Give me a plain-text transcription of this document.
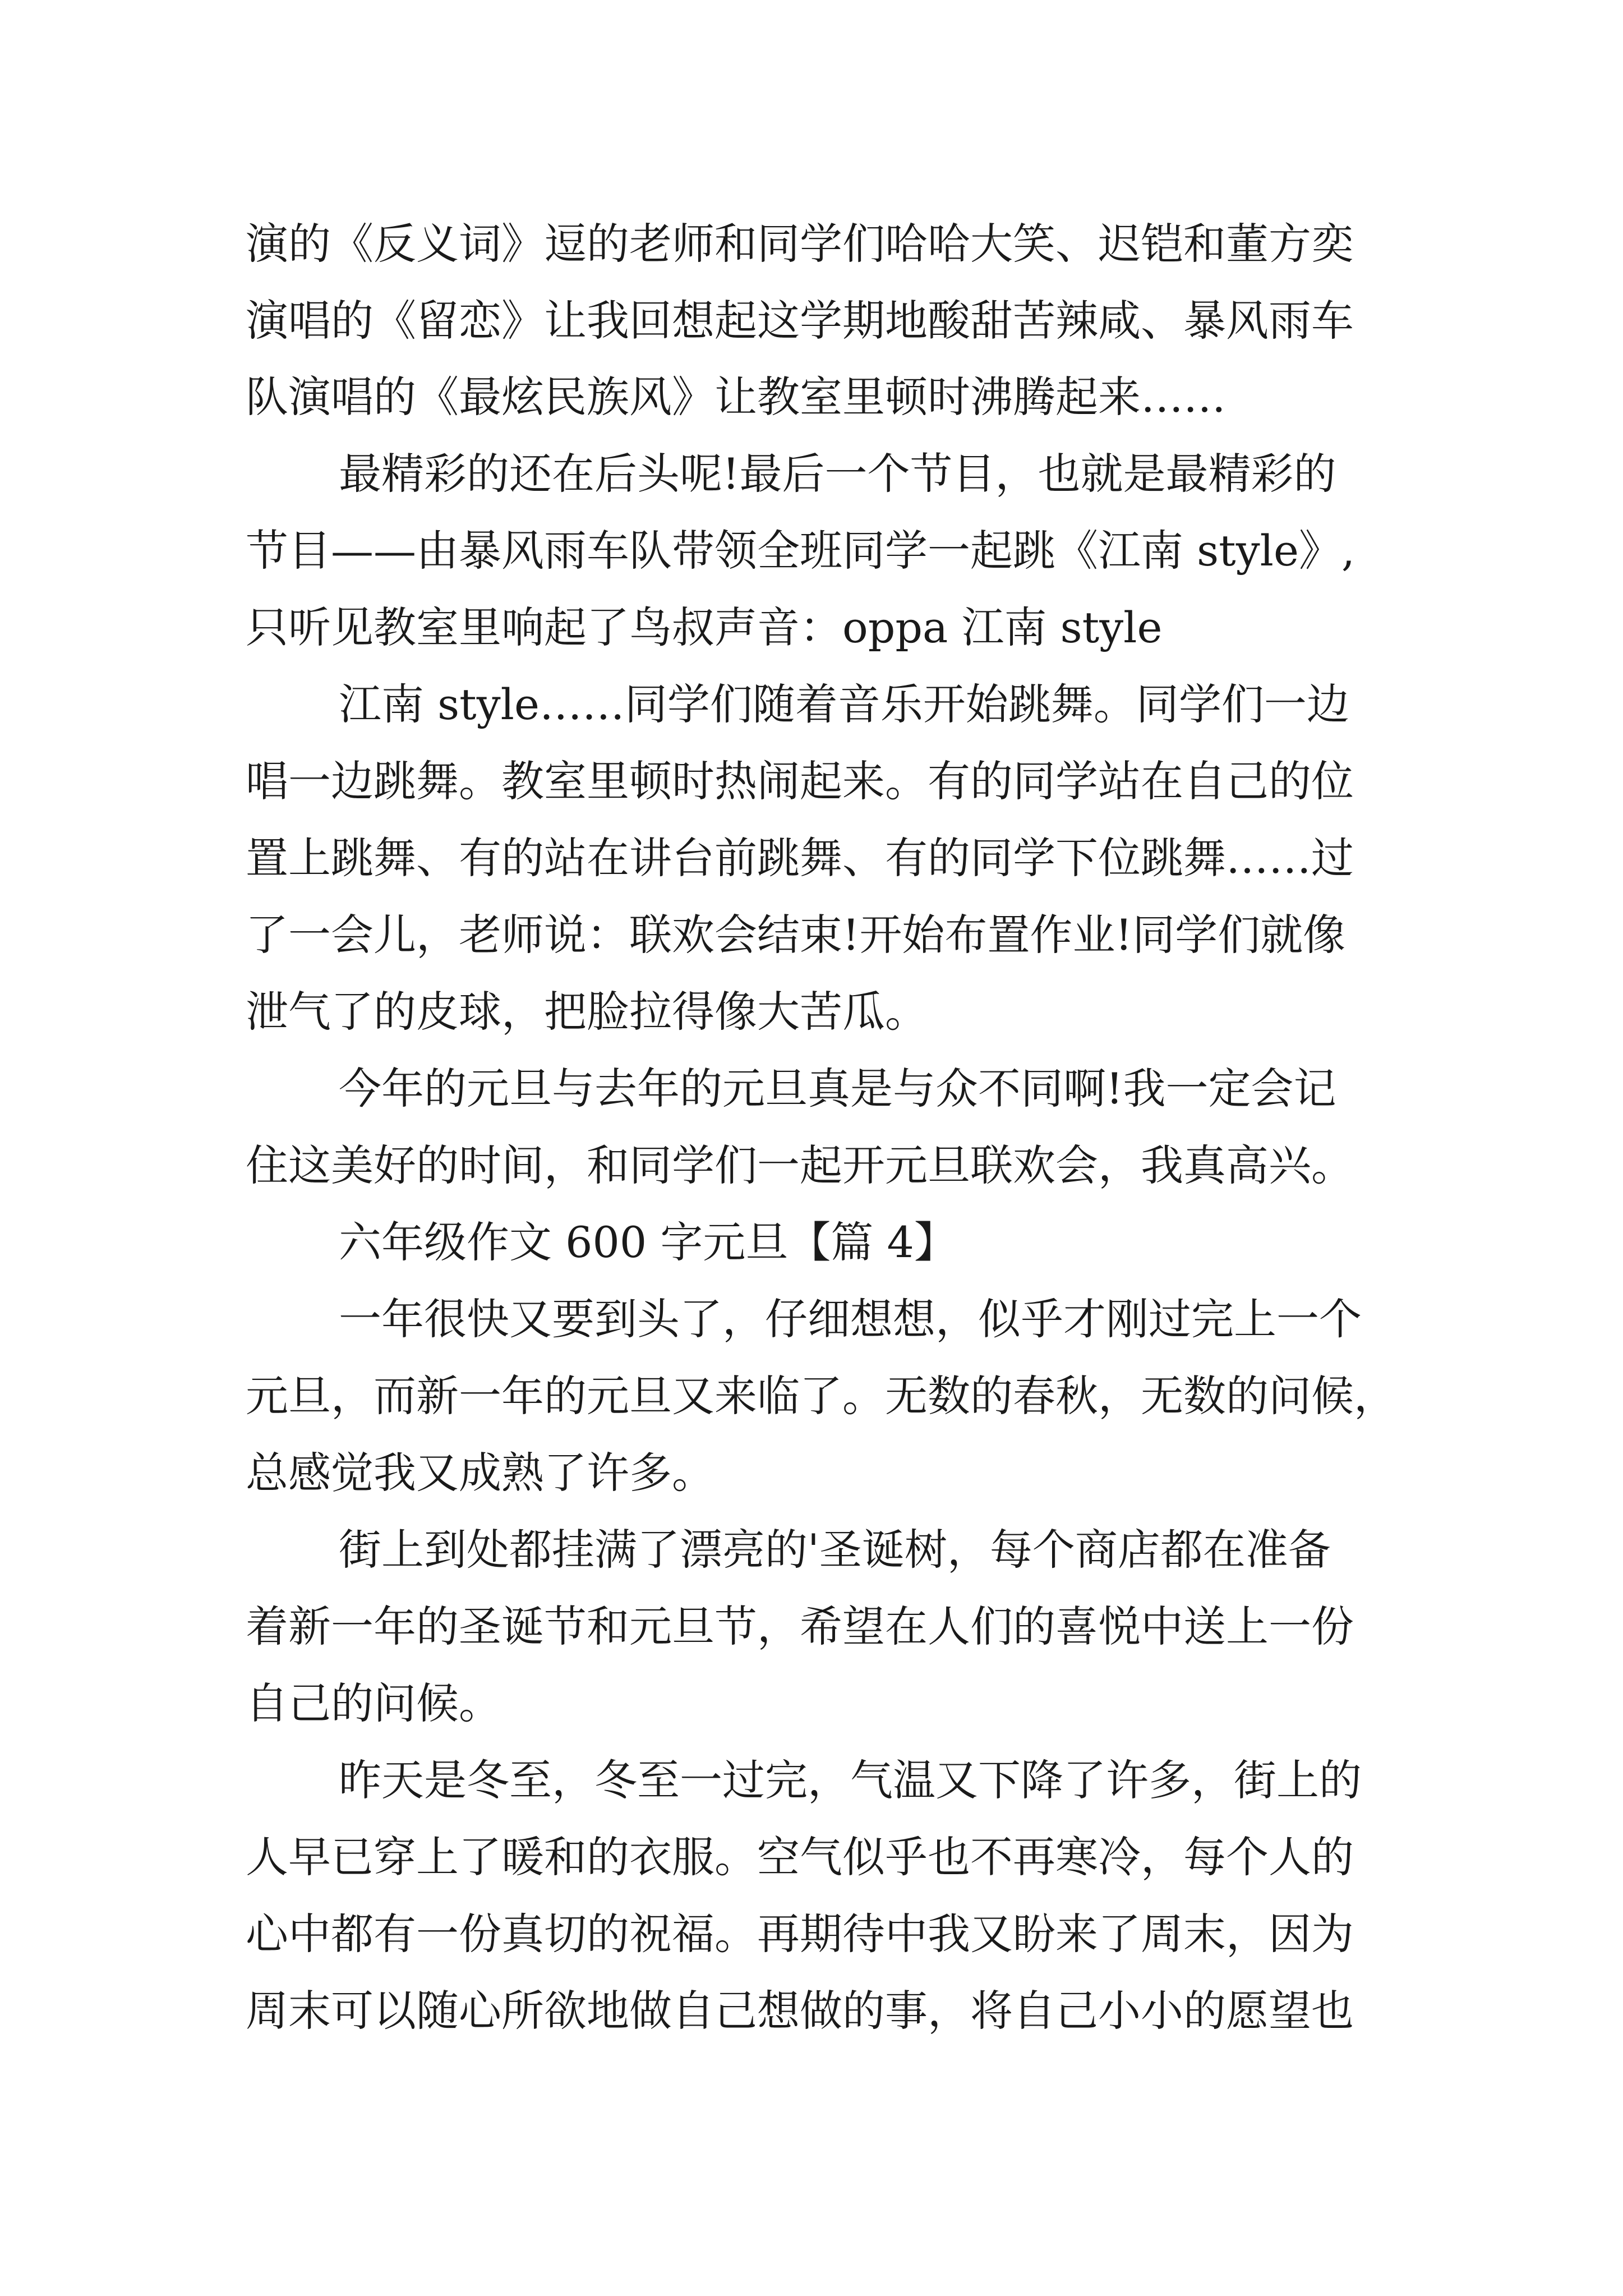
演的《反义词》逗的老师和同学们哈哈大笑、迟铠和董方奕
演唱的《留恋》让我回想起这学期地酸甜苦辣咸、暴风雨车
队演唱的《最炫民族风》让教室里顿时沸腾起来……
最精彩的还在后头呢!最后一个节目，也就是最精彩的
节目——由暴风雨车队带领全班同学一起跳《江南 style》,
只听见教室里响起了鸟叔声音：oppa 江南 style
江南 style……同学们随着音乐开始跳舞。同学们一边
唱一边跳舞。教室里顿时热闹起来。有的同学站在自己的位
置上跳舞、有的站在讲台前跳舞、有的同学下位跳舞……过
了一会儿，老师说：联欢会结束!开始布置作业!同学们就像
泄气了的皮球，把脸拉得像大苦瓜。
今年的元旦与去年的元旦真是与众不同啊!我一定会记
住这美好的时间，和同学们一起开元旦联欢会，我真高兴。
六年级作文 600 字元旦【篇 4】
一年很快又要到头了，仔细想想，似乎才刚过完上一个
元旦，而新一年的元旦又来临了。无数的春秋，无数的问候，
总感觉我又成熟了许多。
街上到处都挂满了漂亮的'圣诞树，每个商店都在准备
着新一年的圣诞节和元旦节，希望在人们的喜悦中送上一份
自己的问候。
昨天是冬至，冬至一过完，气温又下降了许多，街上的
人早已穿上了暖和的衣服。空气似乎也不再寒冷，每个人的
心中都有一份真切的祝福。再期待中我又盼来了周末，因为
周末可以随心所欲地做自己想做的事，将自己小小的愿望也
